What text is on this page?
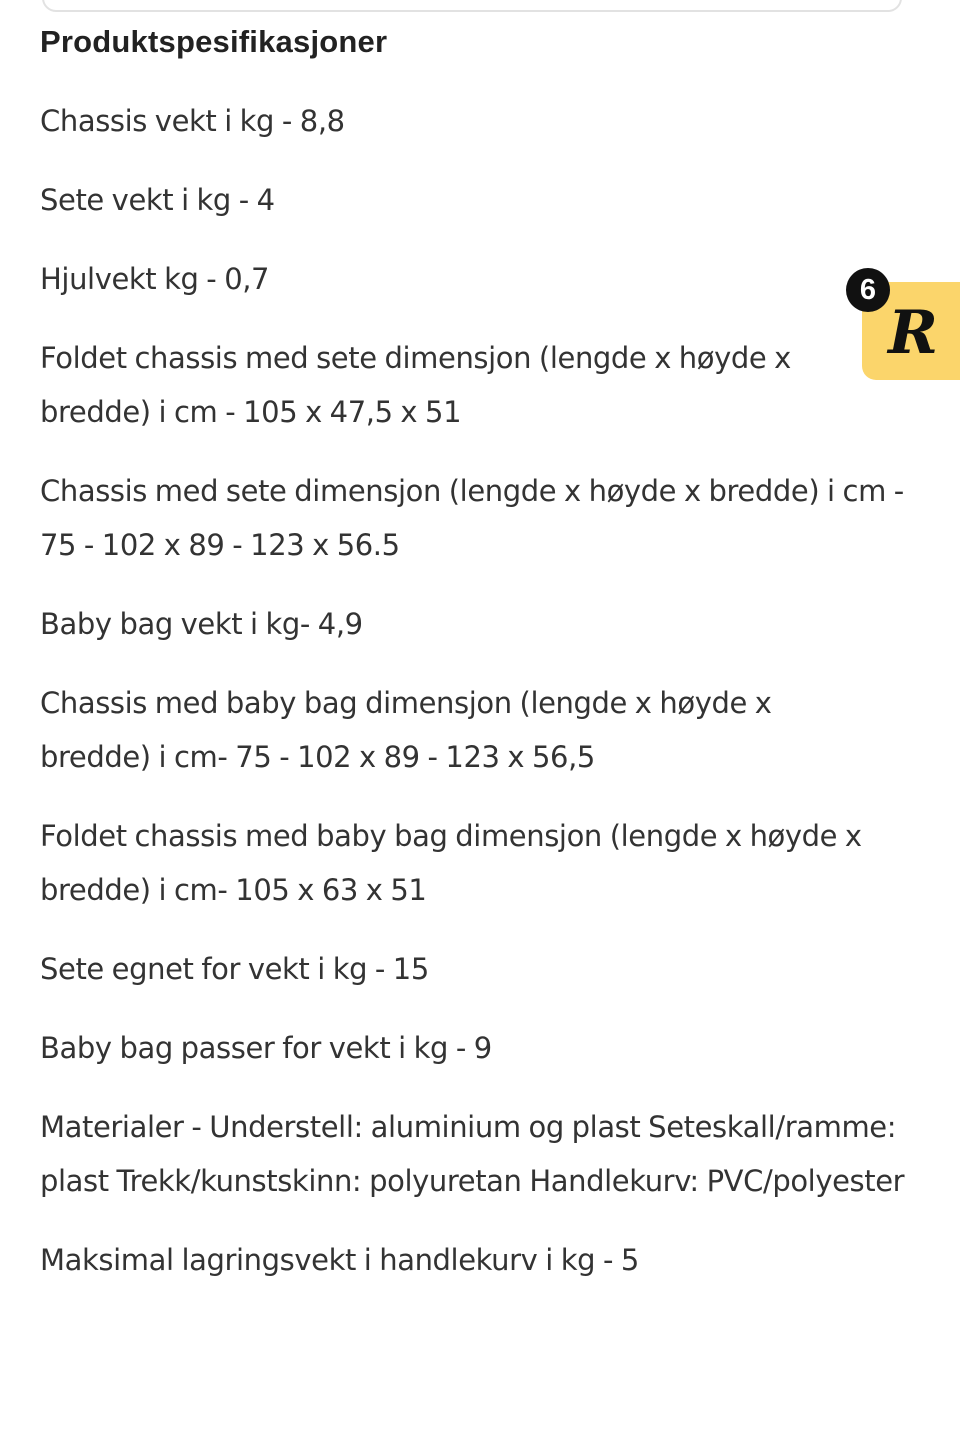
Produktspesifikasjoner
Chassis vekt i kg - 8,8
Sete vekt i kg - 4
Hjulvekt kg - 0,7
Foldet chassis med sete dimensjon (lengde x høyde x bredde) i cm - 105 x 47,5 x 51
Chassis med sete dimensjon (lengde x høyde x bredde) i cm - 75 - 102 x 89 - 123 x 56.5
Baby bag vekt i kg- 4,9
Chassis med baby bag dimensjon (lengde x høyde x bredde) i cm- 75 - 102 x 89 - 123 x 56,5
Foldet chassis med baby bag dimensjon (lengde x høyde x bredde) i cm- 105 x 63 x 51
Sete egnet for vekt i kg - 15
Baby bag passer for vekt i kg - 9
Materialer - Understell: aluminium og plast Seteskall/ramme: plast Trekk/kunstskinn: polyuretan Handlekurv: PVC/polyester
Maksimal lagringsvekt i handlekurv i kg - 5
R
6
